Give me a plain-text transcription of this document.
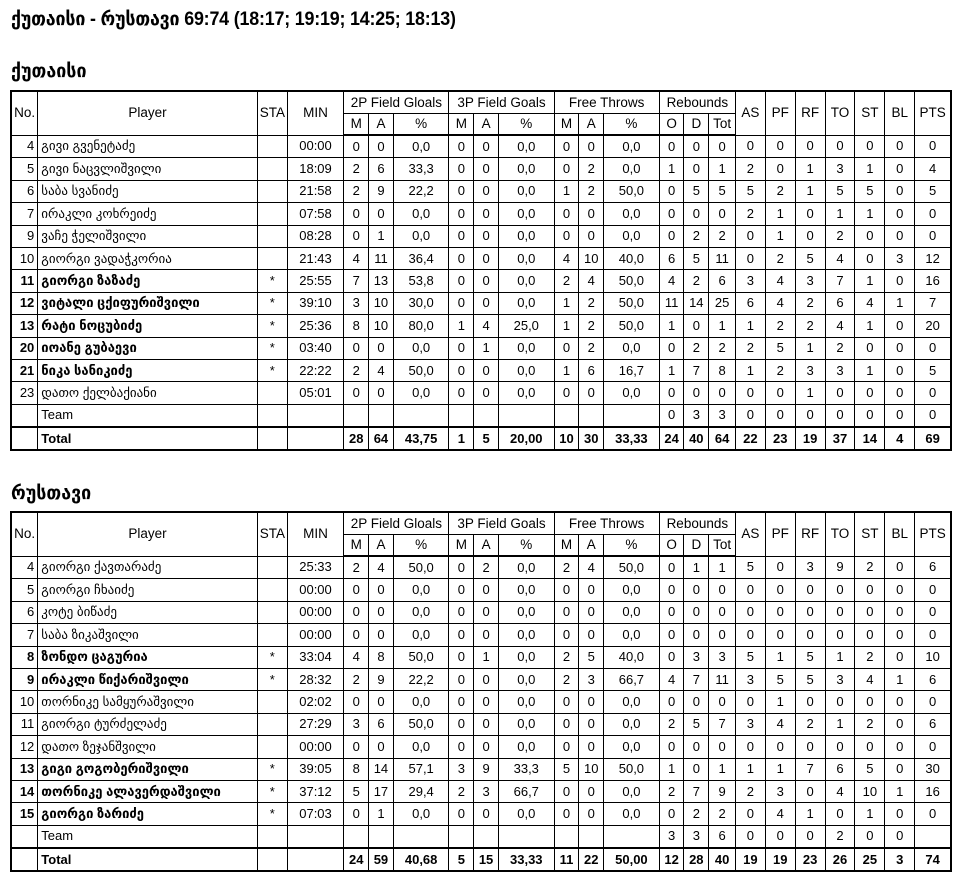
ქუთაისი - რუსთავი 69:74 (18:17; 19:19; 14:25; 18:13)
ქუთაისი
No.	Player	STA	MIN	2P Field Gloals			3P Field Goals			Free Throws			Rebounds			AS	PF	RF	TO	ST	BL	PTS
				M	A	%	M	A	%	M	A	%	O	D	Tot							
4	გივი გვენეტაძე		00:00	0	0	0,0	0	0	0,0	0	0	0,0	0	0	0	0	0	0	0	0	0	0
5	გივი ნაცვლიშვილი		18:09	2	6	33,3	0	0	0,0	0	2	0,0	1	0	1	2	0	1	3	1	0	4
6	საბა სვანიძე		21:58	2	9	22,2	0	0	0,0	1	2	50,0	0	5	5	5	2	1	5	5	0	5
7	ირაკლი კოხრეიძე		07:58	0	0	0,0	0	0	0,0	0	0	0,0	0	0	0	2	1	0	1	1	0	0
9	ვაჩე ჭელიშვილი		08:28	0	1	0,0	0	0	0,0	0	0	0,0	0	2	2	0	1	0	2	0	0	0
10	გიორგი ვადაჭკორია		21:43	4	11	36,4	0	0	0,0	4	10	40,0	6	5	11	0	2	5	4	0	3	12
11	გიორგი ზაზაძე	*	25:55	7	13	53,8	0	0	0,0	2	4	50,0	4	2	6	3	4	3	7	1	0	16
12	ვიტალი ცქიფურიშვილი	*	39:10	3	10	30,0	0	0	0,0	1	2	50,0	11	14	25	6	4	2	6	4	1	7
13	რატი ნოცუბიძე	*	25:36	8	10	80,0	1	4	25,0	1	2	50,0	1	0	1	1	2	2	4	1	0	20
20	იოანე გუბაევი	*	03:40	0	0	0,0	0	1	0,0	0	2	0,0	0	2	2	2	5	1	2	0	0	0
21	ნიკა სანიკიძე	*	22:22	2	4	50,0	0	0	0,0	1	6	16,7	1	7	8	1	2	3	3	1	0	5
23	დათო ქელბაქიანი		05:01	0	0	0,0	0	0	0,0	0	0	0,0	0	0	0	0	0	1	0	0	0	0
	Team												0	3	3	0	0	0	0	0	0	0
	Total			28	64	43,75	1	5	20,00	10	30	33,33	24	40	64	22	23	19	37	14	4	69
რუსთავი
No.	Player	STA	MIN	2P Field Gloals			3P Field Goals			Free Throws			Rebounds			AS	PF	RF	TO	ST	BL	PTS
				M	A	%	M	A	%	M	A	%	O	D	Tot							
4	გიორგი ქავთარაძე		25:33	2	4	50,0	0	2	0,0	2	4	50,0	0	1	1	5	0	3	9	2	0	6
5	გიორგი ჩხაიძე		00:00	0	0	0,0	0	0	0,0	0	0	0,0	0	0	0	0	0	0	0	0	0	0
6	კოტე ბიწაძე		00:00	0	0	0,0	0	0	0,0	0	0	0,0	0	0	0	0	0	0	0	0	0	0
7	საბა ზიკაშვილი		00:00	0	0	0,0	0	0	0,0	0	0	0,0	0	0	0	0	0	0	0	0	0	0
8	ზონდო ცაგურია	*	33:04	4	8	50,0	0	1	0,0	2	5	40,0	0	3	3	5	1	5	1	2	0	10
9	ირაკლი წიქარიშვილი	*	28:32	2	9	22,2	0	0	0,0	2	3	66,7	4	7	11	3	5	5	3	4	1	6
10	თორნიკე სამყურაშვილი		02:02	0	0	0,0	0	0	0,0	0	0	0,0	0	0	0	0	1	0	0	0	0	0
11	გიორგი ტურძელაძე		27:29	3	6	50,0	0	0	0,0	0	0	0,0	2	5	7	3	4	2	1	2	0	6
12	დათო ზეჯანშვილი		00:00	0	0	0,0	0	0	0,0	0	0	0,0	0	0	0	0	0	0	0	0	0	0
13	გიგი გოგობერიშვილი	*	39:05	8	14	57,1	3	9	33,3	5	10	50,0	1	0	1	1	1	7	6	5	0	30
14	თორნიკე ალავერდაშვილი	*	37:12	5	17	29,4	2	3	66,7	0	0	0,0	2	7	9	2	3	0	4	10	1	16
15	გიორგი ზარიძე	*	07:03	0	1	0,0	0	0	0,0	0	0	0,0	0	2	2	0	4	1	0	1	0	0
	Team												3	3	6	0	0	0	2	0	0	
	Total			24	59	40,68	5	15	33,33	11	22	50,00	12	28	40	19	19	23	26	25	3	74
